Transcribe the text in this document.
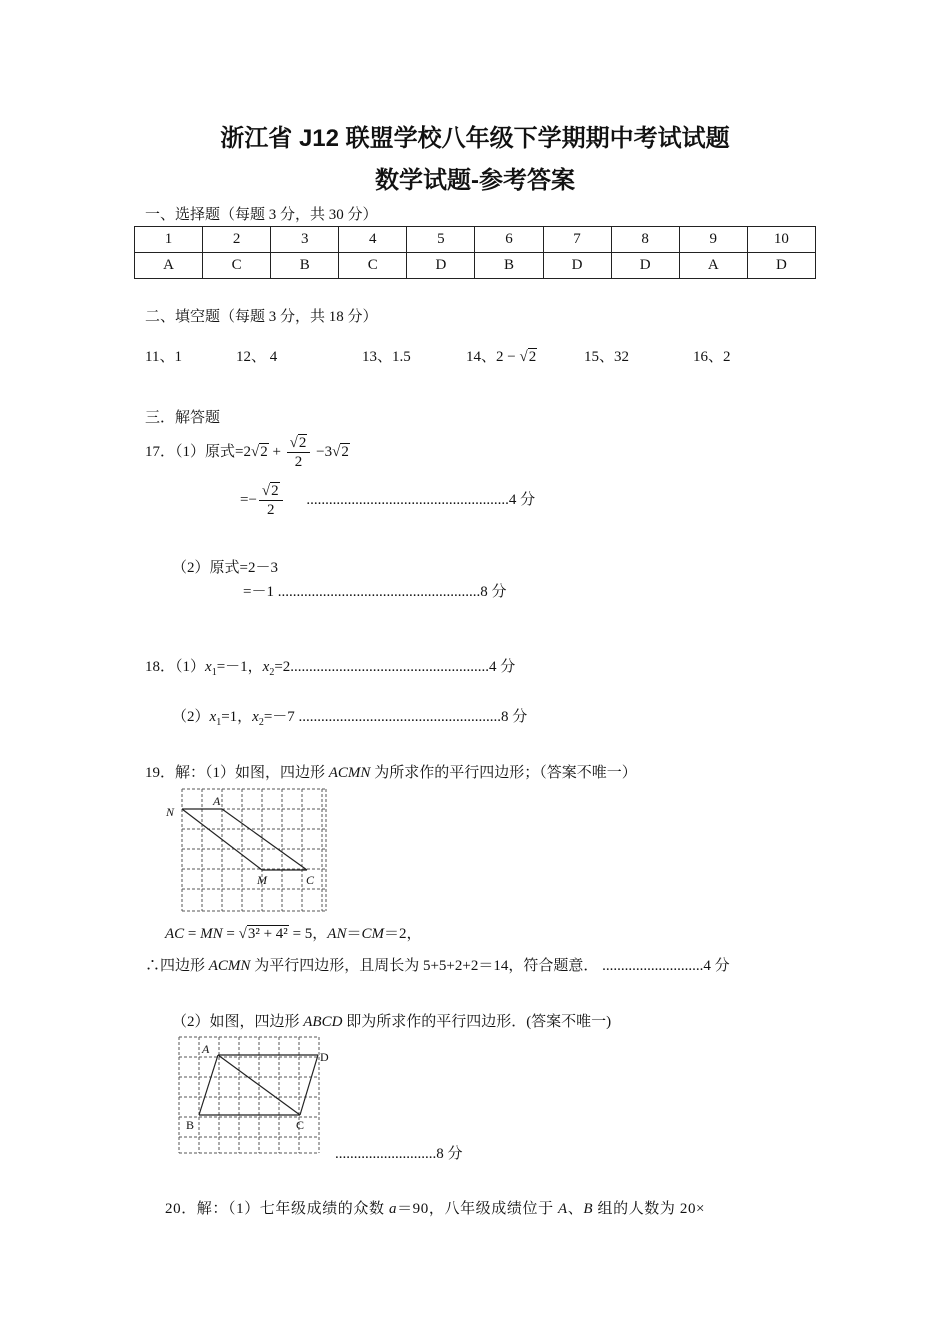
浙江省 J12 联盟学校八年级下学期期中考试试题
数学试题-参考答案
一、选择题（每题 3 分，共 30 分）
1	2	3	4	5	6	7	8	9	10
A	C	B	C	D	B	D	D	A	D
二、填空题（每题 3 分，共 18 分）
11、1	12、 4	13、1.5	14、2 − √2	15、32	16、2
三．解答题
17．（1）原式$=2√2 + \frac{√2}{2} -3√2$
=− $\frac{√2}{2} ......................................................4$ 分
（2）原式=2－3
=－1 ......................................................8 分
18．$(1)x_1=-1$，$x_2=2.....................................................4$ 分
$(2)x_1=1$，$x_2=-7$ ......................................................8 分
19．解：（1）如图，四边形 ACMN 为所求作的平行四边形；（答案不唯一）
N
A
M	C
AC = MN = √3² + 4² = 5，AN＝CM＝2，
∴四边形 ACMN 为平行四边形，且周长为 5+5+2+2＝14，符合题意． ...........................4 分
（2）如图，四边形 ABCD 即为所求作的平行四边形．(答案不唯一)
A
D
B	C
...........................8 分
20．解：（1）七年级成绩的众数 a＝90，八年级成绩位于 A、B 组的人数为 20×
